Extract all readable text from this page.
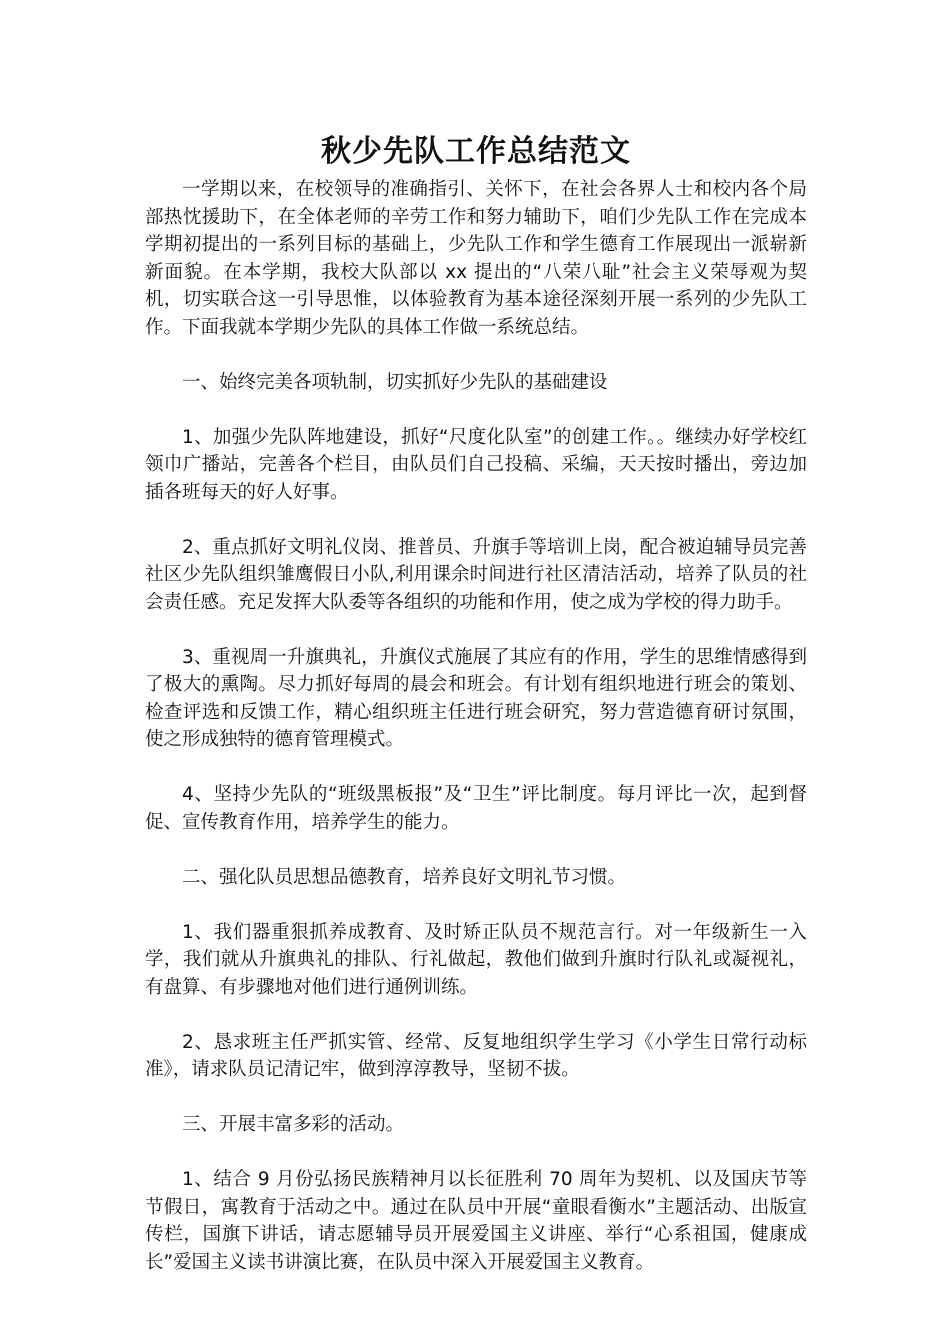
秋少先队工作总结范文

一学期以来，在校领导的准确指引、关怀下，在社会各界人士和校内各个局部热忱援助下，在全体老师的辛劳工作和努力辅助下，咱们少先队工作在完成本学期初提出的一系列目标的基础上，少先队工作和学生德育工作展现出一派崭新新面貌。在本学期，我校大队部以 xx 提出的“八荣八耻”社会主义荣辱观为契机，切实联合这一引导思惟，以体验教育为基本途径深刻开展一系列的少先队工作。下面我就本学期少先队的具体工作做一系统总结。

一、始终完美各项轨制，切实抓好少先队的基础建设

1、加强少先队阵地建设，抓好“尺度化队室”的创建工作。。继续办好学校红领巾广播站，完善各个栏目，由队员们自己投稿、采编，天天按时播出，旁边加插各班每天的好人好事。

2、重点抓好文明礼仪岗、推普员、升旗手等培训上岗，配合被迫辅导员完善社区少先队组织雏鹰假日小队,利用课余时间进行社区清洁活动，培养了队员的社会责任感。充足发挥大队委等各组织的功能和作用，使之成为学校的得力助手。

3、重视周一升旗典礼，升旗仪式施展了其应有的作用，学生的思维情感得到了极大的熏陶。尽力抓好每周的晨会和班会。有计划有组织地进行班会的策划、检查评选和反馈工作，精心组织班主任进行班会研究，努力营造德育研讨氛围，使之形成独特的德育管理模式。

4、坚持少先队的“班级黑板报”及“卫生”评比制度。每月评比一次，起到督促、宣传教育作用，培养学生的能力。

二、强化队员思想品德教育，培养良好文明礼节习惯。

1、我们器重狠抓养成教育、及时矫正队员不规范言行。对一年级新生一入学，我们就从升旗典礼的排队、行礼做起，教他们做到升旗时行队礼或凝视礼，有盘算、有步骤地对他们进行通例训练。

2、恳求班主任严抓实管、经常、反复地组织学生学习《小学生日常行动标准》，请求队员记清记牢，做到淳淳教导，坚韧不拔。

三、开展丰富多彩的活动。

1、结合 9 月份弘扬民族精神月以长征胜利 70 周年为契机、以及国庆节等节假日，寓教育于活动之中。通过在队员中开展“童眼看衡水”主题活动、出版宣传栏，国旗下讲话，请志愿辅导员开展爱国主义讲座、举行“心系祖国，健康成长”爱国主义读书讲演比赛，在队员中深入开展爱国主义教育。
